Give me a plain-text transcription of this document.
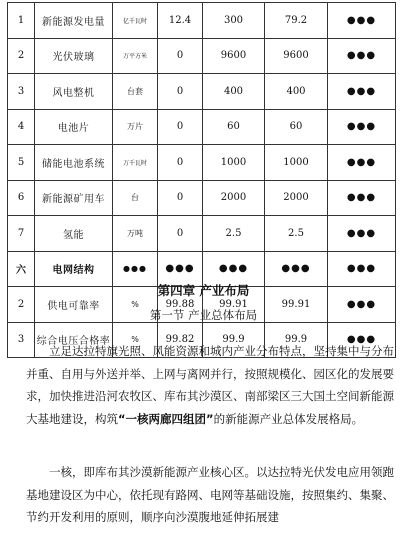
1	新能源发电量	亿千瓦时	12.4	300	79.2	●●●
2	光伏玻璃	万平方米	0	9600	9600	●●●
3	风电整机	台套	0	400	400	●●●
4	电池片	万片	0	60	60	●●●
5	储能电池系统	万千瓦时	0	1000	1000	●●●
6	新能源矿用车	台	0	2000	2000	●●●
7	氢能	万吨	0	2.5	2.5	●●●
六	电网结构	●●●	●●●	●●●	●●●	●●●
2	供电可靠率	%	99.88	99.91	99.91	●●●
3	综合电压合格率	%	99.82	99.9	99.9	●●●
第四章 产业布局
第一节 产业总体布局

立足达拉特旗光照、风能资源和城内产业分布特点，坚持集中与分布并重、自用与外送并举、上网与离网并行，按照规模化、园区化的发展要求，加快推进沿河农牧区、库布其沙漠区、南部梁区三大国土空间新能源大基地建设，构筑“一核两廊四组团”的新能源产业总体发展格局。

一核，即库布其沙漠新能源产业核心区。以达拉特光伏发电应用领跑基地建设区为中心，依托现有路网、电网等基础设施，按照集约、集聚、节约开发利用的原则，顺序向沙漠腹地延伸拓展建
